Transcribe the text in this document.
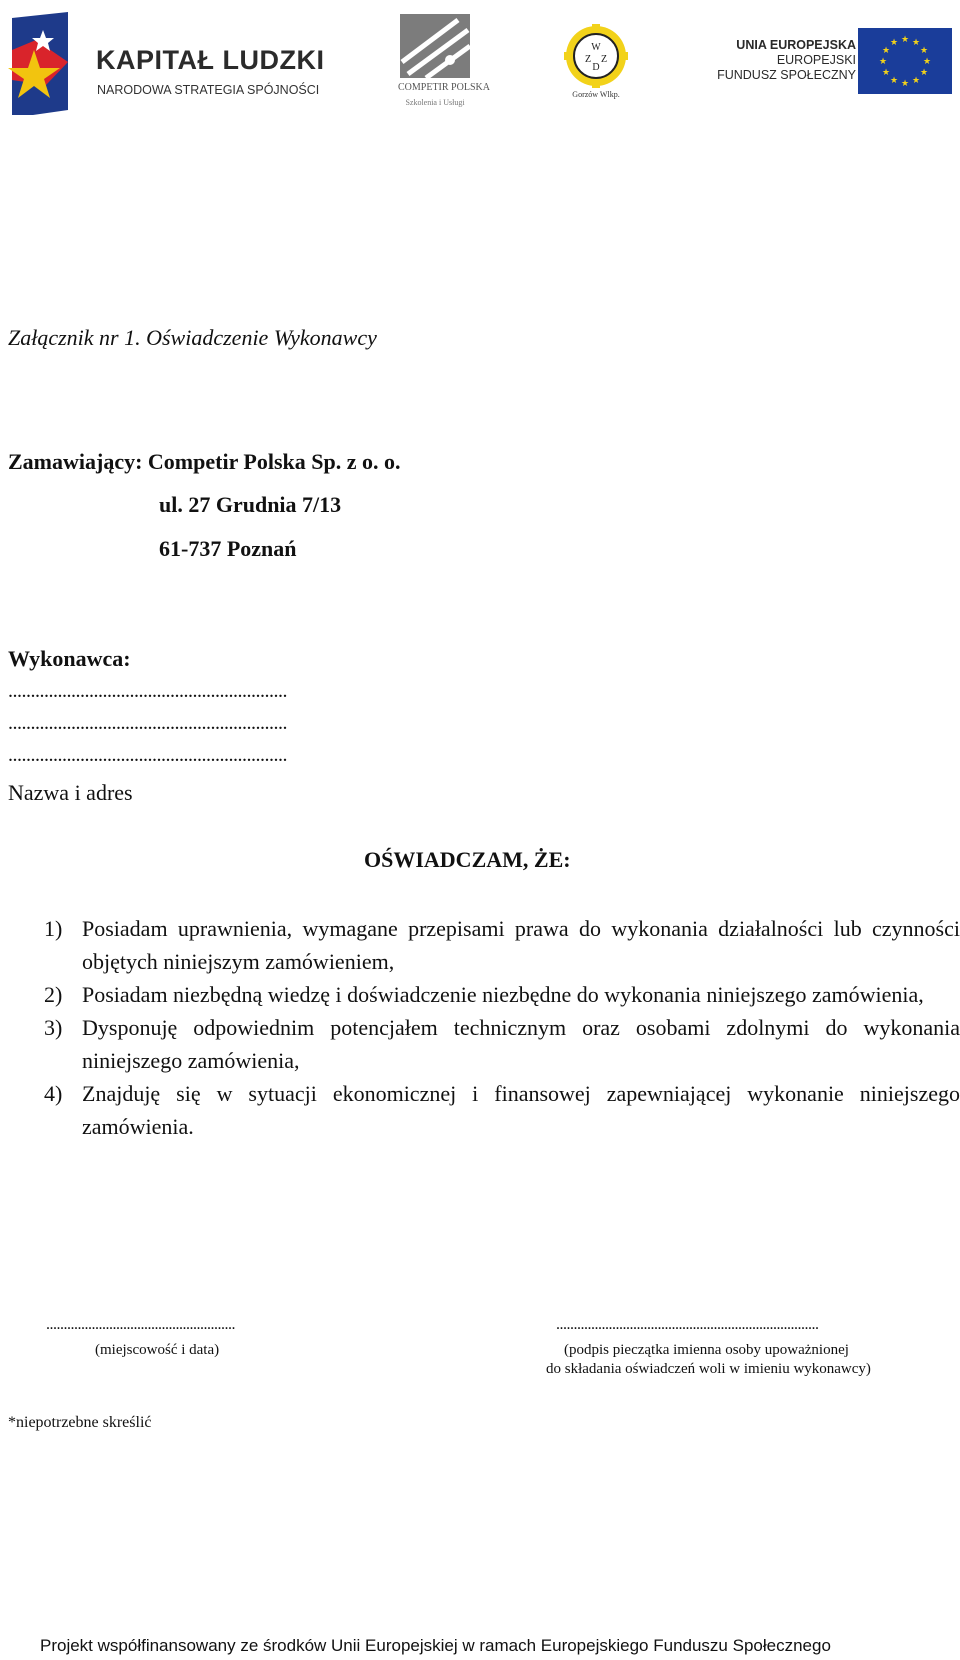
KAPITAŁ LUDZKI
NARODOWA STRATEGIA SPÓJNOŚCI	COMPETIR POLSKA
Szkolenia i Usługi
W
Z Z
D
Gorzów Wlkp.
UNIA EUROPEJSKA
EUROPEJSKI
FUNDUSZ SPOŁECZNY
★ ★
★
★
★
★
★
★
★
★
★
★
Załącznik nr 1. Oświadczenie Wykonawcy
Zamawiający: Competir Polska Sp. z o. o.
ul. 27 Grudnia 7/13
61-737 Poznań
Wykonawca:
..............................................................
..............................................................
..............................................................
Nazwa i adres
OŚWIADCZAM, ŻE:
1) Posiadam uprawnienia, wymagane przepisami prawa do wykonania działalności lub czynności objętych niniejszym zamówieniem,
2) Posiadam niezbędną wiedzę i doświadczenie niezbędne do wykonania niniejszego zamówienia,
3) Dysponuję odpowiednim potencjałem technicznym oraz osobami zdolnymi do wykonania niniejszego zamówienia,
4) Znajduję się w sytuacji ekonomicznej i finansowej zapewniającej wykonanie niniejszego zamówienia.
......................................................
(miejscowość i data)
...........................................................................
(podpis pieczątka imienna osoby upoważnionej
do składania oświadczeń woli w imieniu wykonawcy)
*niepotrzebne skreślić
Projekt współfinansowany ze środków Unii Europejskiej w ramach Europejskiego Funduszu Społecznego
